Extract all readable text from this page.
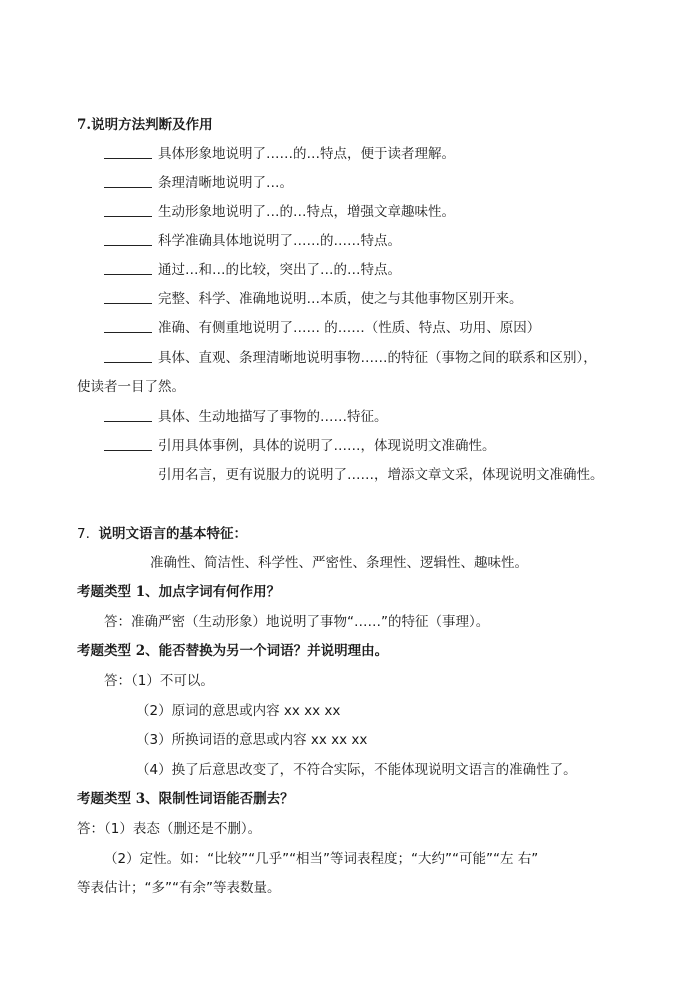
7.说明方法判断及作用
具体形象地说明了……的…特点，便于读者理解。
条理清晰地说明了…。
生动形象地说明了…的…特点，增强文章趣味性。
科学准确具体地说明了……的……特点。
通过…和…的比较，突出了…的…特点。
完整、科学、准确地说明…本质，使之与其他事物区别开来。
准确、有侧重地说明了…… 的……（性质、特点、功用、原因）
具体、直观、条理清晰地说明事物……的特征（事物之间的联系和区别），
使读者一目了然。
具体、生动地描写了事物的……特征。
引用具体事例，具体的说明了……，体现说明文准确性。
引用名言，更有说服力的说明了……，增添文章文采，体现说明文准确性。
7. 说明文语言的基本特征：
准确性、简洁性、科学性、严密性、条理性、逻辑性、趣味性。
考题类型 1、加点字词有何作用？
答：准确严密（生动形象）地说明了事物“……”的特征（事理）。
考题类型 2、能否替换为另一个词语？并说明理由。
答：（1）不可以。
（2）原词的意思或内容 xx xx xx
（3）所换词语的意思或内容 xx xx xx
（4）换了后意思改变了，不符合实际，不能体现说明文语言的准确性了。
考题类型 3、限制性词语能否删去？
答：（1）表态（删还是不删）。
（2）定性。如：“比较”“几乎”“相当”等词表程度；“大约”“可能”“左 右”
等表估计；“多”“有余”等表数量。
